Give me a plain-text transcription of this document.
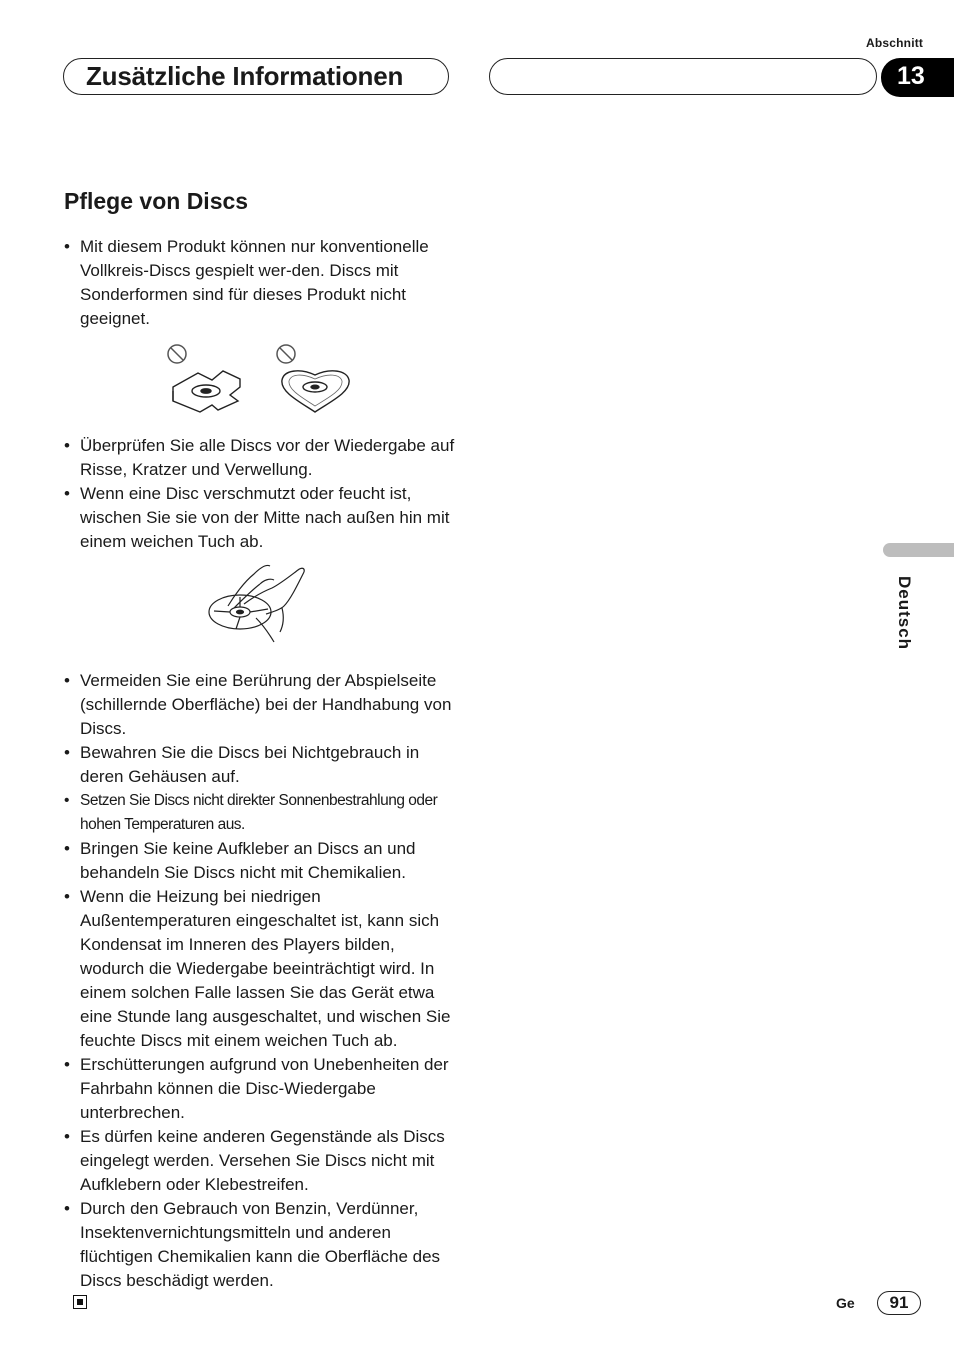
Abschnitt
Zusätzliche Informationen	13
Pflege von Discs
• Mit diesem Produkt können nur konventionelle Vollkreis-Discs gespielt wer-den. Discs mit Sonderformen sind für dieses Produkt nicht geeignet.
• Überprüfen Sie alle Discs vor der Wiedergabe auf Risse, Kratzer und Verwellung.
• Wenn eine Disc verschmutzt oder feucht ist, wischen Sie sie von der Mitte nach außen hin mit einem weichen Tuch ab.
• Vermeiden Sie eine Berührung der Abspielseite (schillernde Oberfläche) bei der Handhabung von Discs.
• Bewahren Sie die Discs bei Nichtgebrauch in deren Gehäusen auf.
• Setzen Sie Discs nicht direkter Sonnenbestrahlung oder hohen Temperaturen aus.
• Bringen Sie keine Aufkleber an Discs an und behandeln Sie Discs nicht mit Chemikalien.
• Wenn die Heizung bei niedrigen Außentemperaturen eingeschaltet ist, kann sich Kondensat im Inneren des Players bilden, wodurch die Wiedergabe beeinträchtigt wird. In einem solchen Falle lassen Sie das Gerät etwa eine Stunde lang ausgeschaltet, und wischen Sie feuchte Discs mit einem weichen Tuch ab.
• Erschütterungen aufgrund von Unebenheiten der Fahrbahn können die Disc-Wiedergabe unterbrechen.
• Es dürfen keine anderen Gegenstände als Discs eingelegt werden. Versehen Sie Discs nicht mit Aufklebern oder Klebestreifen.
• Durch den Gebrauch von Benzin, Verdünner, Insektenvernichtungsmitteln und anderen flüchtigen Chemikalien kann die Oberfläche des Discs beschädigt werden.
Deutsch
Ge	91
